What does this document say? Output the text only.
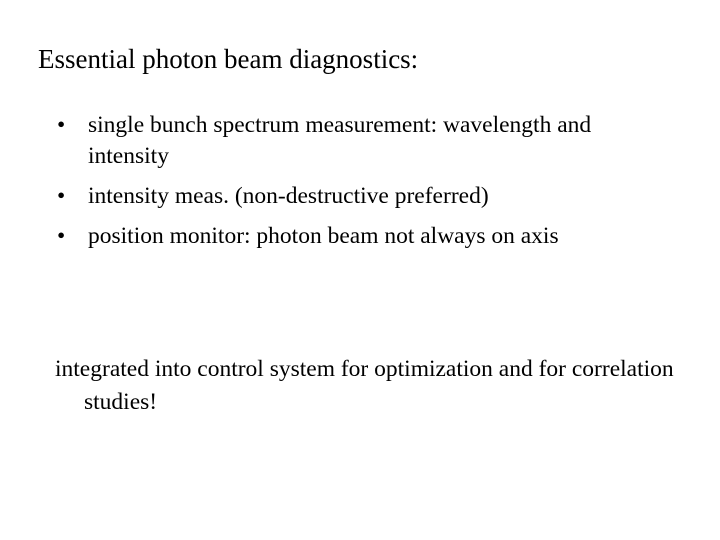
Essential photon beam diagnostics:
• single bunch spectrum measurement: wavelength and intensity
• intensity meas. (non-destructive preferred)
• position monitor: photon beam not always on axis

integrated into control system for optimization and for correlation studies!
